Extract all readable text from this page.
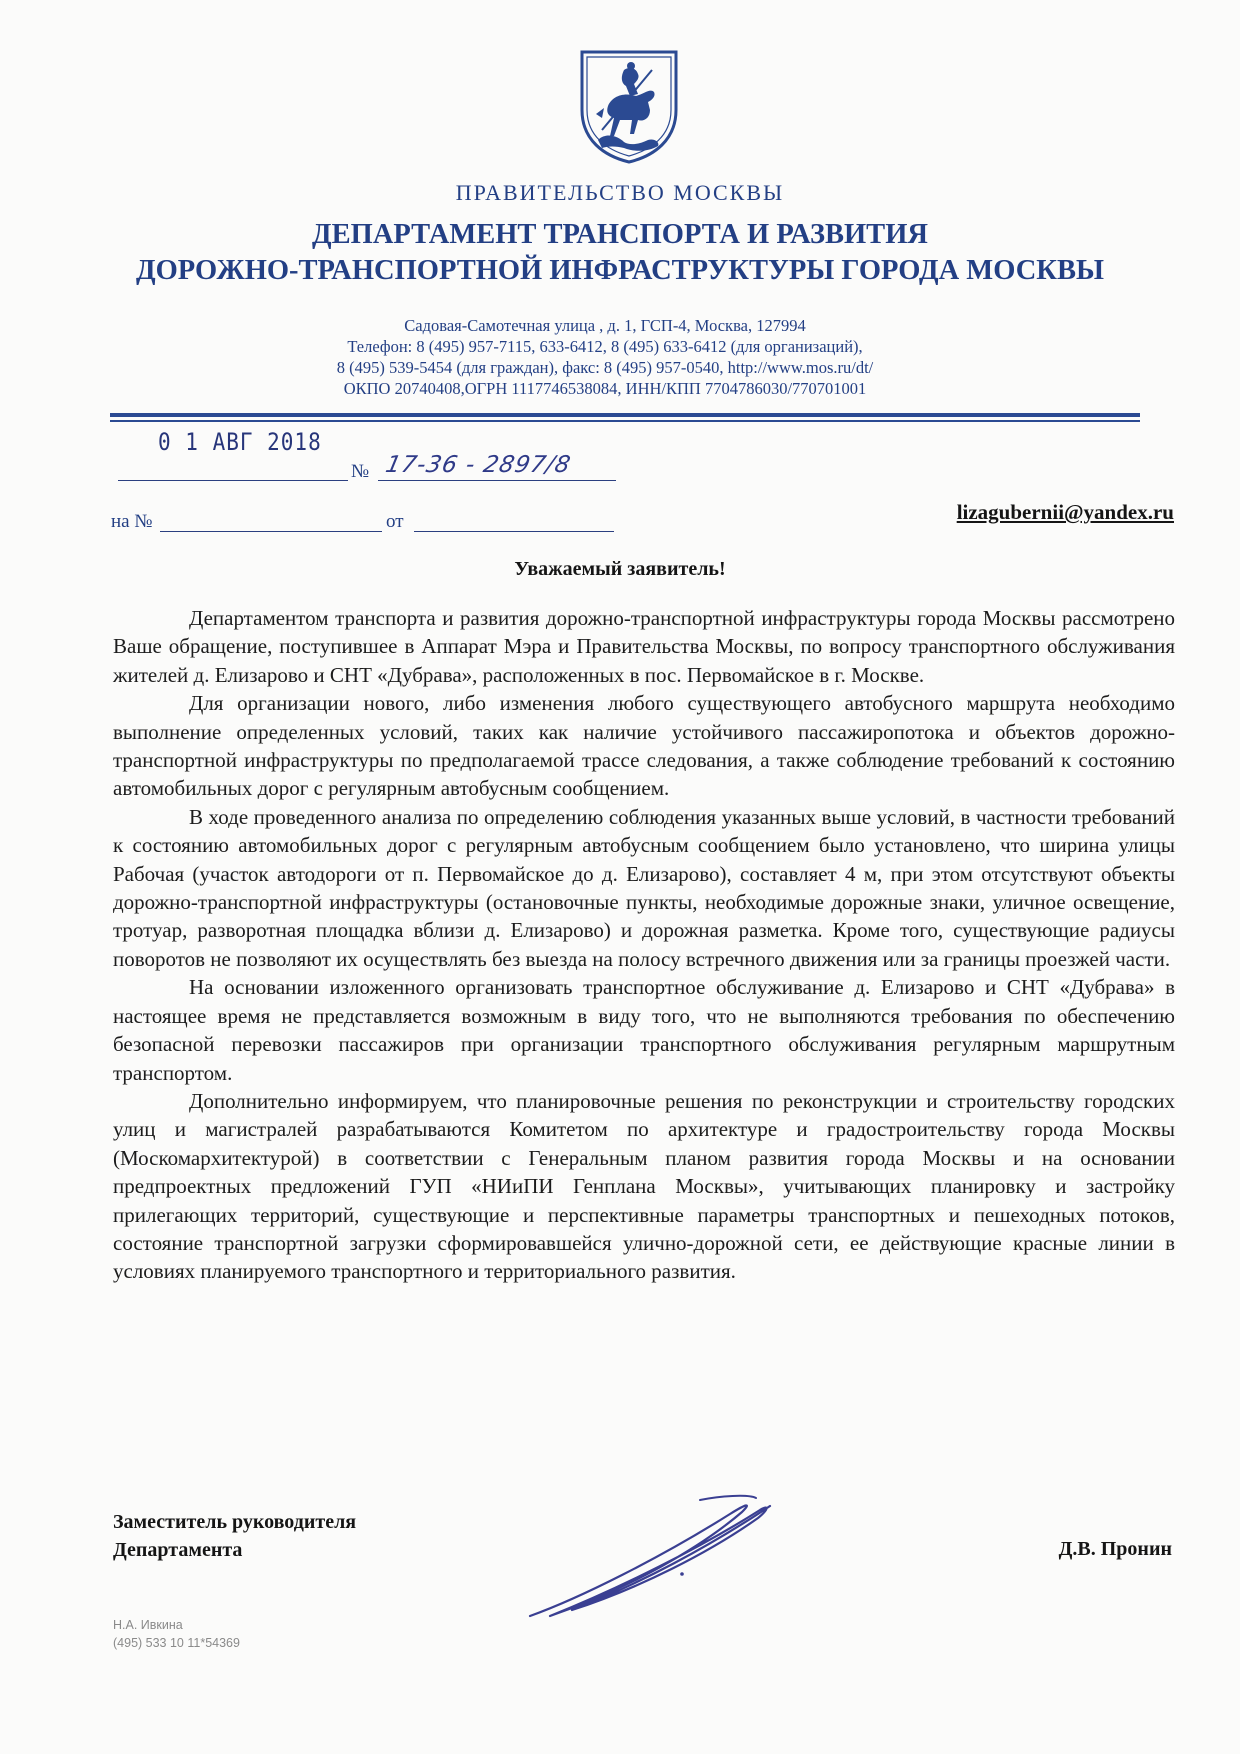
ПРАВИТЕЛЬСТВО МОСКВЫ
ДЕПАРТАМЕНТ ТРАНСПОРТА И РАЗВИТИЯ
ДОРОЖНО-ТРАНСПОРТНОЙ ИНФРАСТРУКТУРЫ ГОРОДА МОСКВЫ
Садовая-Самотечная улица , д. 1, ГСП-4, Москва, 127994
Телефон: 8 (495) 957-7115, 633-6412, 8 (495) 633-6412 (для организаций),
8 (495) 539-5454 (для граждан), факс: 8 (495) 957-0540, http://www.mos.ru/dt/
ОКПО 20740408,ОГРН 1117746538084, ИНН/КПП 7704786030/770701001
0 1 АВГ 2018
№ 17-36 - 2897/8
на №	от	lizagubernii@yandex.ru
Уважаемый заявитель!

Департаментом транспорта и развития дорожно-транспортной инфраструктуры города Москвы рассмотрено Ваше обращение, поступившее в Аппарат Мэра и Правительства Москвы, по вопросу транспортного обслуживания жителей д. Елизарово и СНТ «Дубрава», расположенных в пос. Первомайское в г. Москве.

Для организации нового, либо изменения любого существующего автобусного маршрута необходимо выполнение определенных условий, таких как наличие устойчивого пассажиропотока и объектов дорожно-транспортной инфраструктуры по предполагаемой трассе следования, а также соблюдение требований к состоянию автомобильных дорог с регулярным автобусным сообщением.

В ходе проведенного анализа по определению соблюдения указанных выше условий, в частности требований к состоянию автомобильных дорог с регулярным автобусным сообщением было установлено, что ширина улицы Рабочая (участок автодороги от п. Первомайское до д. Елизарово), составляет 4 м, при этом отсутствуют объекты дорожно-транспортной инфраструктуры (остановочные пункты, необходимые дорожные знаки, уличное освещение, тротуар, разворотная площадка вблизи д. Елизарово) и дорожная разметка. Кроме того, существующие радиусы поворотов не позволяют их осуществлять без выезда на полосу встречного движения или за границы проезжей части.

На основании изложенного организовать транспортное обслуживание д. Елизарово и СНТ «Дубрава» в настоящее время не представляется возможным в виду того, что не выполняются требования по обеспечению безопасной перевозки пассажиров при организации транспортного обслуживания регулярным маршрутным транспортом.

Дополнительно информируем, что планировочные решения по реконструкции и строительству городских улиц и магистралей разрабатываются Комитетом по архитектуре и градостроительству города Москвы (Москомархитектурой) в соответствии с Генеральным планом развития города Москвы и на основании предпроектных предложений ГУП «НИиПИ Генплана Москвы», учитывающих планировку и застройку прилегающих территорий, существующие и перспективные параметры транспортных и пешеходных потоков, состояние транспортной загрузки сформировавшейся улично-дорожной сети, ее действующие красные линии в условиях планируемого транспортного и территориального развития.

Заместитель руководителя
Департамента	Д.В. Пронин
Н.А. Ивкина
(495) 533 10 11*54369
